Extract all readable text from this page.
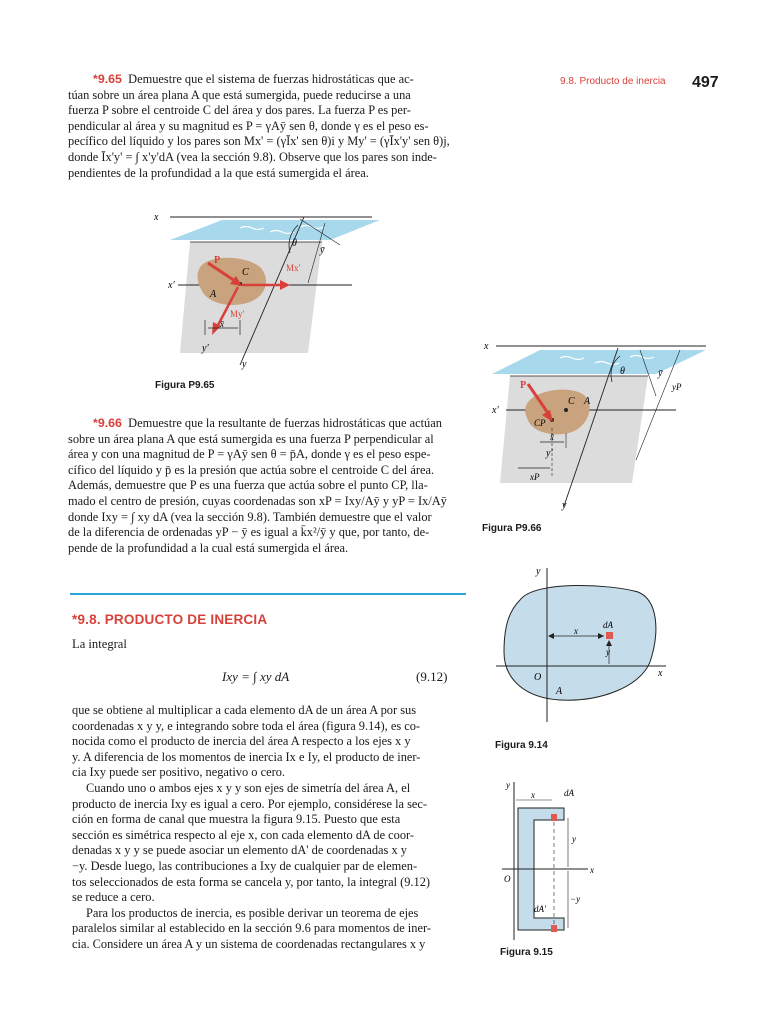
9.8. Producto de inercia 497

*9.65 Demuestre que el sistema de fuerzas hidrostáticas que ac-

túan sobre un área plana A que está sumergida, puede reducirse a una

fuerza P sobre el centroide C del área y dos pares. La fuerza P es per-

pendicular al área y su magnitud es P = γAȳ sen θ, donde γ es el peso es-

pecífico del líquido y los pares son Mx' = (γĪx' sen θ)i y My' = (γĪx'y' sen θ)j,

donde Īx'y' = ∫ x'y'dA (vea la sección 9.8). Observe que los pares son inde-

pendientes de la profundidad a la que está sumergida el área.

x
x'
y'
y
θ
ȳ
P
C
A
Mx'
My'
x̄
Figura P9.65

*9.66 Demuestre que la resultante de fuerzas hidrostáticas que actúan

sobre un área plana A que está sumergida es una fuerza P perpendicular al

área y con una magnitud de P = γAȳ sen θ = p̄A, donde γ es el peso espe-

cífico del líquido y p̄ es la presión que actúa sobre el centroide C del área.

Además, demuestre que P es una fuerza que actúa sobre el punto CP, lla-

mado el centro de presión, cuyas coordenadas son xP = Ixy/Aȳ y yP = Ix/Aȳ

donde Ixy = ∫ xy dA (vea la sección 9.8). También demuestre que el valor

de la diferencia de ordenadas yP − ȳ es igual a k̄x²/ȳ y que, por tanto, de-

pende de la profundidad a la cual está sumergida el área.

x
x'
y'
y
θ	ȳ
yP
P
C A
CP
x̄
xP
Figura P9.66
*9.8. PRODUCTO DE INERCIA
La integral
Ixy = ∫ xy dA	(9.12)

que se obtiene al multiplicar a cada elemento dA de un área A por sus

coordenadas x y y, e integrando sobre toda el área (figura 9.14), es co-

nocida como el producto de inercia del área A respecto a los ejes x y

y. A diferencia de los momentos de inercia Ix e Iy, el producto de iner-

cia Ixy puede ser positivo, negativo o cero.

Cuando uno o ambos ejes x y y son ejes de simetría del área A, el

producto de inercia Ixy es igual a cero. Por ejemplo, considérese la sec-

ción en forma de canal que muestra la figura 9.15. Puesto que esta

sección es simétrica respecto al eje x, con cada elemento dA de coor-

denadas x y y se puede asociar un elemento dA' de coordenadas x y

−y. Desde luego, las contribuciones a Ixy de cualquier par de elemen-

tos seleccionados de esta forma se cancela y, por tanto, la integral (9.12)

se reduce a cero.

Para los productos de inercia, es posible derivar un teorema de ejes

paralelos similar al establecido en la sección 9.6 para momentos de iner-

cia. Considere un área A y un sistema de coordenadas rectangulares x y

y
x
O
dA
x
y
A
Figura 9.14
y
x
O
x	dA
y
−y
dA'
Figura 9.15
